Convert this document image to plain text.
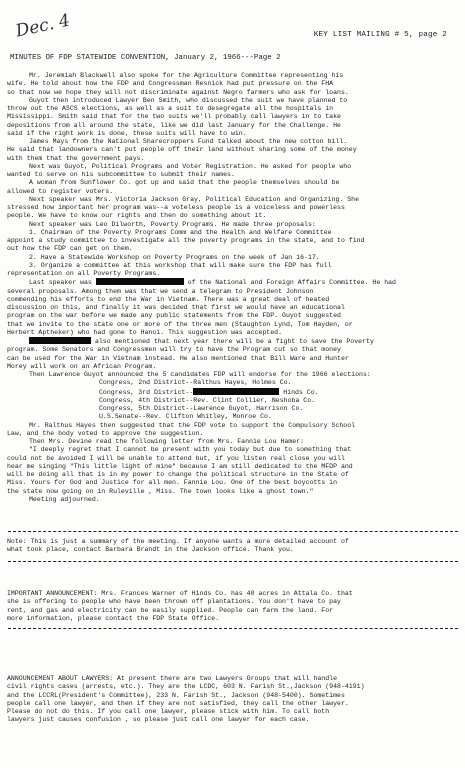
Dec. 4	KEY LIST MAILING # 5, page 2
MINUTES OF FDP STATEWIDE CONVENTION, January 2, 1966---Page 2

Mr. Jeremiah Blackwell also spoke for the Agriculture Committee representing his

wife. He told about how the FDP and Congressman Resnick had put pressure on the FHA

so that now we hope they will not discriminate against Negro farmers who ask for loans.

Guyot then introduced Lawyer Ben Smith, who discussed the suit we have planned to

throw out the ASCS elections, as well as a suit to desegregate all the hospitals in

Mississippi. Smith said that for the two suits we'll probably call lawyers in to take

depositions from all around the state, like we did last January for the Challenge. He

said if the right work is done, these suits will have to win.

James Mays from the National Sharecroppers Fund talked about the new cotton bill.

He said that landowners can't put people off their land without sharing some of the money

with them that the government pays.

Next was Guyot, Political Programs and Voter Registration. He asked for people who

wanted to serve on his subcommittee to submit their names.

A woman from Sunflower Co. got up and said that the people themselves should be

allowed to register voters.

Next speaker was Mrs. Victoria Jackson Gray, Political Education and Organizing. She

stressed how important her program was--a voteless people is a voiceless and powerless

people. We have to know our rights and then do something about it.

Next speaker was Leo Dilworth, Poverty Programs. He made three proposals:

1. Chairman of the Poverty Programs Comm and the Health and Welfare Committee

appoint a study committee to investigate all the poverty programs in the state, and to find

out how the FDP can get on them.

2. Have a Statewide Workshop on Poverty Programs on the week of Jan 16-17.

3. Organize a committee at this workshop that will make sure the FDP has full

representation on all Poverty Programs.

Last speaker was	of the National and Foreign Affairs Committee. He had

several proposals. Among them was that we send a telegram to President Johnson

commending his efforts to end the War in Vietnam. There was a great deal of heated

discussion on this, and finally it was decided that first we would have an educational

program on the war before we made any public statements from the FDP. Guyot suggested

that we invite to the state one or more of the three men (Staughton Lynd, Tom Hayden, or

Herbert Aptheker) who had gone to Hanoi. This suggestion was accepted.

also mentioned that next year there will be a fight to save the Poverty

program. Some Senators and Congressmen will try to have the Program cut so that money

can be used for the War in Vietnam instead. He also mentioned that Bill Ware and Hunter

Morey will work on an African Program.

Then Lawrence Guyot announced the 5 candidates FDP will endorse for the 1966 elections:

Congress, 2nd District--Ralthus Hayes, Holmes Co.

Congress, 3rd District--	Hinds Co.

Congress, 4th District--Rev. Clint Collier, Neshoba Co.

Congress, 5th District--Lawrence Guyot, Harrison Co.

U.S.Senate--Rev. Clifton Whitley, Monroe Co.

Mr. Ralthus Hayes then suggested that the FDP vote to support the Compulsory School

Law, and the body voted to approve the suggestion.

Then Mrs. Devine read the following letter from Mrs. Fannie Lou Hamer:

"I deeply regret that I cannot be present with you today but due to something that

could not be avoided I will be unable to attend but, if you listen real close you will

hear me singing "This little light of mine" because I am still dedicated to the MFDP and

will be doing all that is in my power to change the political structure in the State of

Miss. Yours for God and Justice for all men. Fannie Lou. One of the best boycotts in

the state now going on in Ruleville , Miss. The town looks like a ghost town."

Meeting adjourned.

Note: This is just a summary of the meeting. If anyone wants a more detailed account of

what took place, contact Barbara Brandt in the Jackson office. Thank you.

IMPORTANT ANNOUNCEMENT: Mrs. Frances Warner of Hinds Co. has 40 acres in Attala Co. that

she is offering to people who have been thrown off plantations. You don't have to pay

rent, and gas and electricity can be easily supplied. People can farm the land. For

more information, please contact the FDP State Office.

ANNOUNCEMENT ABOUT LAWYERS: At present there are two Lawyers Groups that will handle

civil rights cases (arrests, etc.). They are the LCDC, 603 N. Farish St.,Jackson (948-4191)

and the LCCRL(President's Committee), 233 N. Farish St., Jackson (948-5400). Sometimes

people call one lawyer, and then if they are not satisfied, they call the other lawyer.

Please do not do this. If you call one lawyer, please stick with him. To call both

lawyers just causes confusion , so please just call one lawyer for each case.
